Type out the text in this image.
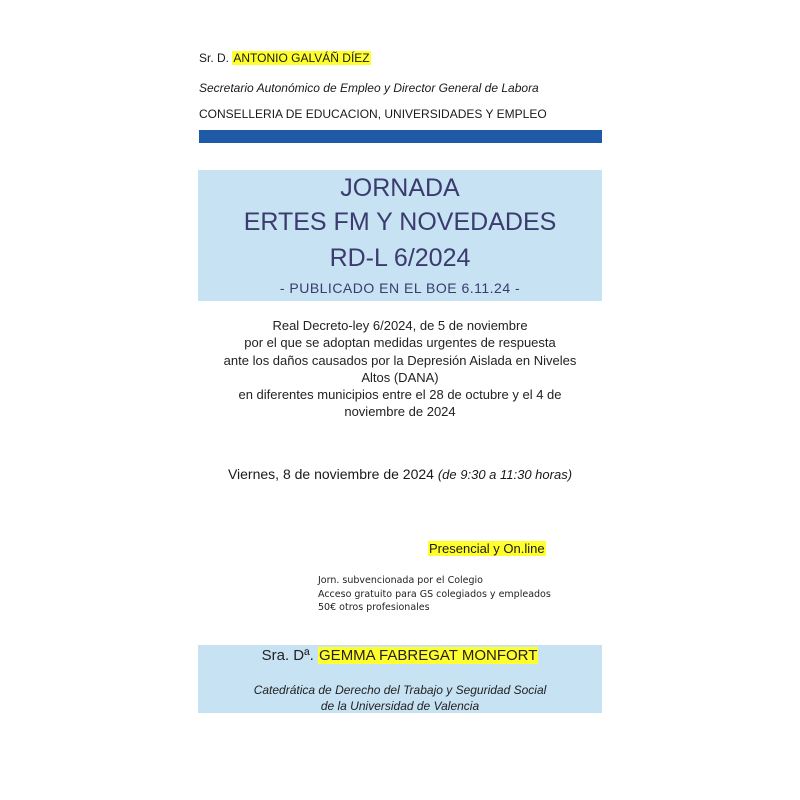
Sr. D. ANTONIO GALVÁÑ DÍEZ
Secretario Autonómico de Empleo y Director General de Labora
CONSELLERIA DE EDUCACION, UNIVERSIDADES Y EMPLEO
JORNADA
ERTES FM Y NOVEDADES
RD-L 6/2024
- PUBLICADO EN EL BOE 6.11.24 -
Real Decreto-ley 6/2024, de 5 de noviembre
por el que se adoptan medidas urgentes de respuesta
ante los daños causados por la Depresión Aislada en Niveles
Altos (DANA)
en diferentes municipios entre el 28 de octubre y el 4 de
noviembre de 2024
Viernes, 8 de noviembre de 2024 (de 9:30 a 11:30 horas)
Presencial y On.line
Jorn. subvencionada por el Colegio
Acceso gratuito para GS colegiados y empleados
50€ otros profesionales
Sra. Dª. GEMMA FABREGAT MONFORT
Catedrática de Derecho del Trabajo y Seguridad Social
de la Universidad de Valencia
